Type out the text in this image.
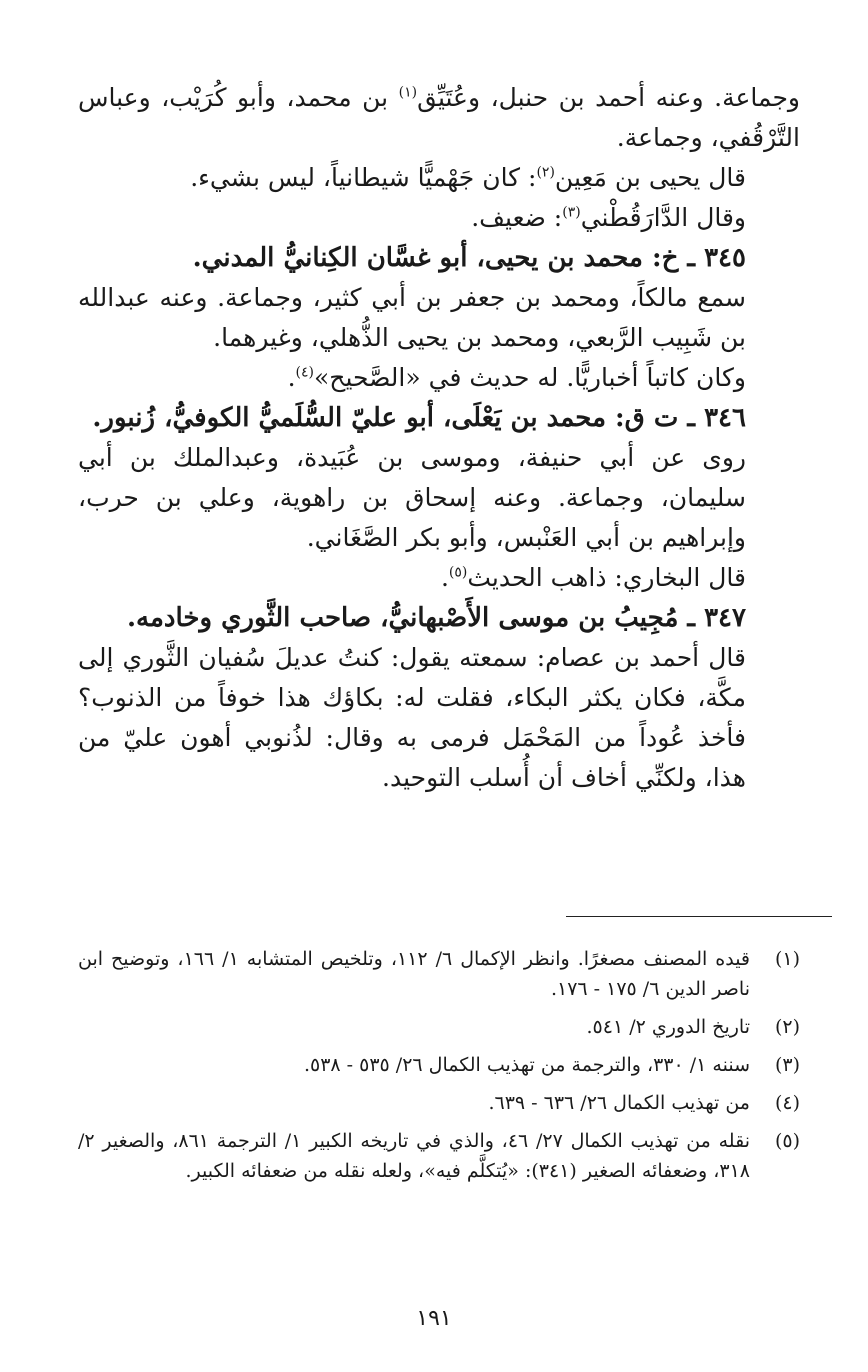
وجماعة. وعنه أحمد بن حنبل، وعُتَيِّق$^{(١)}$ بن محمد، وأبو كُرَيْب، وعباس التَّرْقُفي، وجماعة.

قال يحيى بن مَعِين$^{(٢)}$: كان جَهْميًّا شيطانياً، ليس بشيء.

وقال الدَّارَقُطْني$^{(٣)}$: ضعيف.

٣٤٥ ـ خ: محمد بن يحيى، أبو غسَّان الكِنانيُّ المدني.

سمع مالكاً، ومحمد بن جعفر بن أبي كثير، وجماعة. وعنه عبدالله بن شَبِيب الرَّبعي، ومحمد بن يحيى الذُّهلي، وغيرهما.

وكان كاتباً أخباريًّا. له حديث في «الصَّحيح»$^{(٤)}$.

٣٤٦ ـ ت ق: محمد بن يَعْلَى، أبو عليّ السُّلَميُّ الكوفيُّ، زُنبور.

روى عن أبي حنيفة، وموسى بن عُبَيدة، وعبدالملك بن أبي سليمان، وجماعة. وعنه إسحاق بن راهوية، وعلي بن حرب، وإبراهيم بن أبي العَنْبس، وأبو بكر الصَّغَاني.

قال البخاري: ذاهب الحديث$^{(٥)}$.

٣٤٧ ـ مُجِيبُ بن موسى الأَصْبهانيُّ، صاحب الثَّوري وخادمه.

قال أحمد بن عصام: سمعته يقول: كنتُ عديلَ سُفيان الثَّوري إلى مكَّة، فكان يكثر البكاء، فقلت له: بكاؤك هذا خوفاً من الذنوب؟ فأخذ عُوداً من المَحْمَل فرمى به وقال: لذُنوبي أهون عليّ من هذا، ولكنِّي أخاف أن أُسلب التوحيد.

(١)
قيده المصنف مصغرًا. وانظر الإكمال ٦/ ١١٢، وتلخيص المتشابه ١/ ١٦٦، وتوضيح ابن ناصر الدين ٦/ ١٧٥ - ١٧٦.
(٢)
تاريخ الدوري ٢/ ٥٤١.
(٣)
سننه ١/ ٣٣٠، والترجمة من تهذيب الكمال ٢٦/ ٥٣٥ - ٥٣٨.
(٤)
من تهذيب الكمال ٢٦/ ٦٣٦ - ٦٣٩.
(٥)
نقله من تهذيب الكمال ٢٧/ ٤٦، والذي في تاريخه الكبير ١/ الترجمة ٨٦١، والصغير ٢/ ٣١٨، وضعفائه الصغير (٣٤١): «يُتكلَّم فيه»، ولعله نقله من ضعفائه الكبير.
١٩١
